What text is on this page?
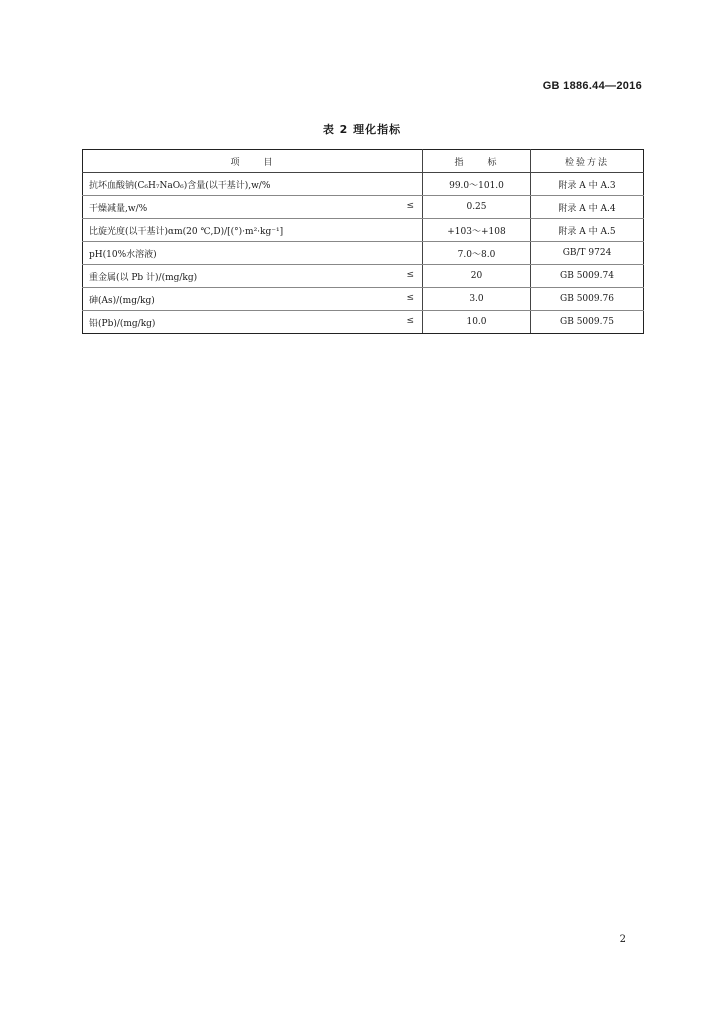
GB 1886.44—2016
表 2 理化指标
项　　目	指　　标	检验方法

抗坏血酸钠(C₆H₇NaO₆)含量(以干基计),w/%	99.0～101.0	附录 A 中 A.3

≤
干燥减量,w/%	0.25	附录 A 中 A.4

比旋光度(以干基计)αm(20 ℃,D)/[(°)·m²·kg⁻¹]	+103～+108	附录 A 中 A.5

pH(10%水溶液)	7.0～8.0	GB/T 9724

≤
重金属(以 Pb 计)/(mg/kg)	20	GB 5009.74

≤
砷(As)/(mg/kg)	3.0	GB 5009.76

≤
铅(Pb)/(mg/kg)	10.0	GB 5009.75
2
